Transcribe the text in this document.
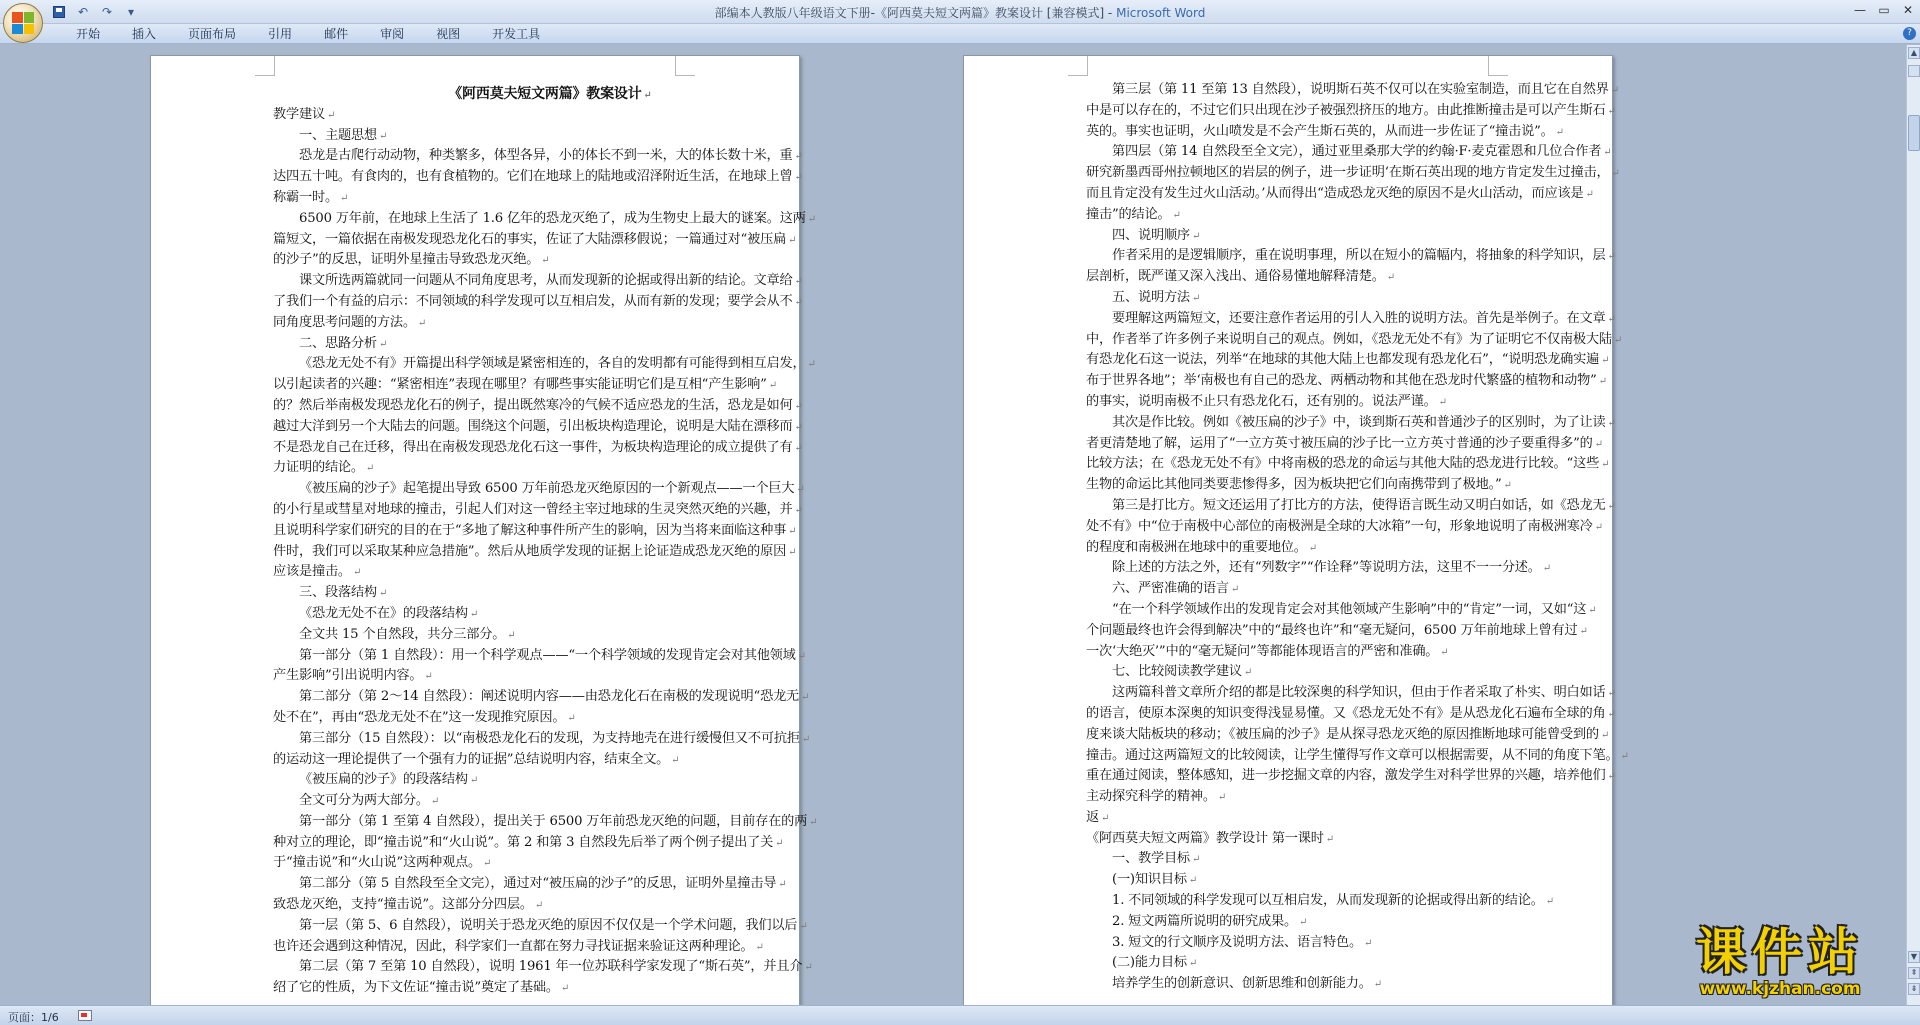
↶ ↷ ▾	部编本人教版八年级语文下册-《阿西莫夫短文两篇》教案设计 [兼容模式] - Microsoft Word	— ▭ ✕
开始	插入	页面布局	引用	邮件	审阅	视图	开发工具	?
《阿西莫夫短文两篇》教案设计 ↵
教学建议 ↵
一、主题思想 ↵
恐龙是古爬行动动物，种类繁多，体型各异，小的体长不到一米，大的体长数十米，重 ↵
达四五十吨。有食肉的，也有食植物的。它们在地球上的陆地或沼泽附近生活，在地球上曾 ↵
称霸一时。 ↵
6500 万年前，在地球上生活了 1.6 亿年的恐龙灭绝了，成为生物史上最大的谜案。这两 ↵
篇短文，一篇依据在南极发现恐龙化石的事实，佐证了大陆漂移假说；一篇通过对“被压扁 ↵
的沙子”的反思，证明外星撞击导致恐龙灭绝。 ↵
课文所选两篇就同一问题从不同角度思考，从而发现新的论据或得出新的结论。文章给 ↵
了我们一个有益的启示：不同领域的科学发现可以互相启发，从而有新的发现；要学会从不 ↵
同角度思考问题的方法。 ↵
二、思路分析 ↵
《恐龙无处不有》开篇提出科学领域是紧密相连的，各自的发明都有可能得到相互启发， ↵
以引起读者的兴趣：“紧密相连”表现在哪里？有哪些事实能证明它们是互相“产生影响” ↵
的？然后举南极发现恐龙化石的例子，提出既然寒冷的气候不适应恐龙的生活，恐龙是如何 ↵
越过大洋到另一个大陆去的问题。围绕这个问题，引出板块构造理论，说明是大陆在漂移而 ↵
不是恐龙自己在迁移，得出在南极发现恐龙化石这一事件，为板块构造理论的成立提供了有 ↵
力证明的结论。 ↵
《被压扁的沙子》起笔提出导致 6500 万年前恐龙灭绝原因的一个新观点——一个巨大 ↵
的小行星或彗星对地球的撞击，引起人们对这一曾经主宰过地球的生灵突然灭绝的兴趣，并 ↵
且说明科学家们研究的目的在于“多地了解这种事件所产生的影响，因为当将来面临这种事 ↵
件时，我们可以采取某种应急措施”。然后从地质学发现的证据上论证造成恐龙灭绝的原因 ↵
应该是撞击。 ↵
三、段落结构 ↵
《恐龙无处不在》的段落结构 ↵
全文共 15 个自然段，共分三部分。 ↵
第一部分（第 1 自然段）：用一个科学观点——“一个科学领域的发现肯定会对其他领域 ↵
产生影响”引出说明内容。 ↵
第二部分（第 2～14 自然段）：阐述说明内容——由恐龙化石在南极的发现说明“恐龙无 ↵
处不在”，再由“恐龙无处不在”这一发现推究原因。 ↵
第三部分（15 自然段）：以“南极恐龙化石的发现，为支持地壳在进行缓慢但又不可抗拒 ↵
的运动这一理论提供了一个强有力的证据”总结说明内容，结束全文。 ↵
《被压扁的沙子》的段落结构 ↵
全文可分为两大部分。 ↵
第一部分（第 1 至第 4 自然段），提出关于 6500 万年前恐龙灭绝的问题，目前存在的两 ↵
种对立的理论，即“撞击说”和“火山说”。第 2 和第 3 自然段先后举了两个例子提出了关 ↵
于“撞击说”和“火山说”这两种观点。 ↵
第二部分（第 5 自然段至全文完），通过对“被压扁的沙子”的反思，证明外星撞击导 ↵
致恐龙灭绝，支持“撞击说”。这部分分四层。 ↵
第一层（第 5、6 自然段），说明关于恐龙灭绝的原因不仅仅是一个学术问题，我们以后 ↵
也许还会遇到这种情况，因此，科学家们一直都在努力寻找证据来验证这两种理论。 ↵
第二层（第 7 至第 10 自然段），说明 1961 年一位苏联科学家发现了“斯石英”，并且介 ↵
绍了它的性质，为下文佐证“撞击说”奠定了基础。 ↵
第三层（第 11 至第 13 自然段），说明斯石英不仅可以在实验室制造，而且它在自然界 ↵
中是可以存在的，不过它们只出现在沙子被强烈挤压的地方。由此推断撞击是可以产生斯石 ↵
英的。事实也证明，火山喷发是不会产生斯石英的，从而进一步佐证了“撞击说”。 ↵
第四层（第 14 自然段至全文完），通过亚里桑那大学的约翰·F·麦克霍恩和几位合作者 ↵
研究新墨西哥州拉顿地区的岩层的例子，进一步证明‘在斯石英出现的地方肯定发生过撞击， ↵
而且肯定没有发生过火山活动。’从而得出“造成恐龙灭绝的原因不是火山活动，而应该是 ↵
撞击”的结论。 ↵
四、说明顺序 ↵
作者采用的是逻辑顺序，重在说明事理，所以在短小的篇幅内，将抽象的科学知识，层 ↵
层剖析，既严谨又深入浅出、通俗易懂地解释清楚。 ↵
五、说明方法 ↵
要理解这两篇短文，还要注意作者运用的引人入胜的说明方法。首先是举例子。在文章 ↵
中，作者举了许多例子来说明自己的观点。例如，《恐龙无处不有》为了证明它不仅南极大陆 ↵
有恐龙化石这一说法，列举“在地球的其他大陆上也都发现有恐龙化石”，“说明恐龙确实遍 ↵
布于世界各地”；举‘南极也有自己的恐龙、两栖动物和其他在恐龙时代繁盛的植物和动物” ↵
的事实，说明南极不止只有恐龙化石，还有别的。说法严谨。 ↵
其次是作比较。例如《被压扁的沙子》中，谈到斯石英和普通沙子的区别时，为了让读 ↵
者更清楚地了解，运用了“一立方英寸被压扁的沙子比一立方英寸普通的沙子要重得多”的 ↵
比较方法；在《恐龙无处不有》中将南极的恐龙的命运与其他大陆的恐龙进行比较。“这些 ↵
生物的命运比其他同类要悲惨得多，因为板块把它们向南携带到了极地。” ↵
第三是打比方。短文还运用了打比方的方法，使得语言既生动又明白如话，如《恐龙无 ↵
处不有》中“位于南极中心部位的南极洲是全球的大冰箱”一句，形象地说明了南极洲寒冷 ↵
的程度和南极洲在地球中的重要地位。 ↵
除上述的方法之外，还有“列数字”“作诠释”等说明方法，这里不一一分述。 ↵
六、严密准确的语言 ↵
“在一个科学领域作出的发现肯定会对其他领域产生影响”中的“肯定”一词，又如“这 ↵
个问题最终也许会得到解决”中的“最终也许”和“毫无疑问，6500 万年前地球上曾有过 ↵
一次‘大绝灭’”中的“毫无疑问”等都能体现语言的严密和准确。 ↵
七、比较阅读教学建议 ↵
这两篇科普文章所介绍的都是比较深奥的科学知识，但由于作者采取了朴实、明白如话 ↵
的语言，使原本深奥的知识变得浅显易懂。又《恐龙无处不有》是从恐龙化石遍布全球的角 ↵
度来谈大陆板块的移动；《被压扁的沙子》是从探寻恐龙灭绝的原因推断地球可能曾受到的 ↵
撞击。通过这两篇短文的比较阅读，让学生懂得写作文章可以根据需要，从不同的角度下笔。 ↵
重在通过阅读，整体感知，进一步挖掘文章的内容，激发学生对科学世界的兴趣，培养他们 ↵
主动探究科学的精神。 ↵
返 ↵
《阿西莫夫短文两篇》教学设计 第一课时 ↵
一、教学目标 ↵
(一)知识目标 ↵
1. 不同领域的科学发现可以互相启发，从而发现新的论据或得出新的结论。 ↵
2. 短文两篇所说明的研究成果。 ↵
3. 短文的行文顺序及说明方法、语言特色。 ↵
(二)能力目标 ↵
培养学生的创新意识、创新思维和创新能力。 ↵
▲
▼
⇞
⇟
页面：1/6
课件站
www.kjzhan.com
